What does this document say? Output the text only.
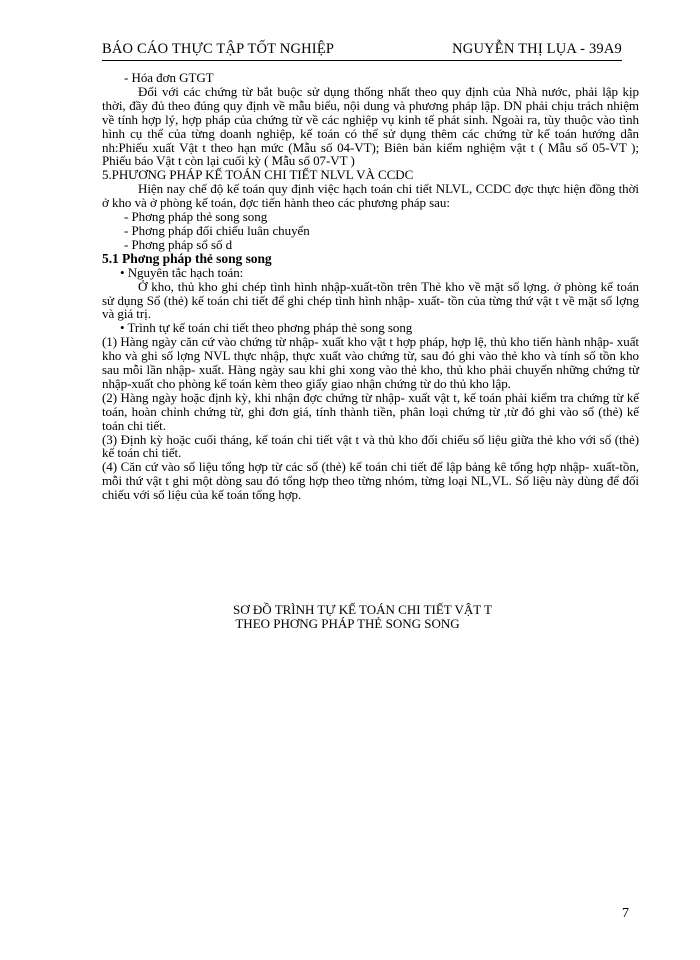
BÁO CÁO THỰC TẬP TỐT NGHIỆP	NGUYỄN THỊ LỤA - 39A9

- Hóa đơn GTGT

Đối với các chứng từ bắt buộc sử dụng thống nhất theo quy định của Nhà nước, phải lập kịp thời, đầy đủ theo đúng quy định về mẫu biểu, nội dung và phương pháp lập. DN phải chịu trách nhiệm về tính hợp lý, hợp pháp của chứng từ về các nghiệp vụ kinh tế phát sinh. Ngoài ra, tùy thuộc vào tình hình cụ thể của từng doanh nghiệp, kế toán có thể sử dụng thêm các chứng từ kế toán hướng dẫn nh:Phiếu xuất Vật t theo hạn mức (Mẫu số 04-VT); Biên bản kiểm nghiệm vật t ( Mẫu số 05-VT ); Phiếu báo Vật t còn lại cuối kỳ ( Mẫu số 07-VT )

5.PHƯƠNG PHÁP KẾ TOÁN CHI TIẾT NLVL VÀ CCDC

Hiện nay chế độ kế toán quy định việc hạch toán chi tiết NLVL, CCDC đợc thực hiện đồng thời ở kho và ở phòng kế toán, đợc tiến hành theo các phương pháp sau:

- Phơng pháp thẻ song song

- Phơng pháp đối chiếu luân chuyển

- Phơng pháp sổ số d

5.1 Phơng pháp thẻ song song

• Nguyên tắc hạch toán:

Ở kho, thủ kho ghi chép tình hình nhập-xuất-tồn trên Thẻ kho về mặt số lợng. ở phòng kế toán sử dụng Sổ (thẻ) kế toán chi tiết để ghi chép tình hình nhập- xuất- tồn của từng thứ vật t về mặt số lợng và giá trị.

• Trình tự kế toán chi tiết theo phơng pháp thẻ song song

(1) Hàng ngày căn cứ vào chứng từ nhập- xuất kho vật t hợp pháp, hợp lệ, thủ kho tiến hành nhập- xuất kho và ghi số lợng NVL thực nhập, thực xuất vào chứng từ, sau đó ghi vào thẻ kho và tính số tồn kho sau mỗi lần nhập- xuất. Hàng ngày sau khi ghi xong vào thẻ kho, thủ kho phải chuyển những chứng từ nhập-xuất cho phòng kế toán kèm theo giấy giao nhận chứng từ do thủ kho lập.

(2) Hàng ngày hoặc định kỳ, khi nhận đợc chứng từ nhập- xuất vật t, kế toán phải kiểm tra chứng từ kế toán, hoàn chỉnh chứng từ, ghi đơn giá, tính thành tiền, phân loại chứng từ ,từ đó ghi vào sổ (thẻ) kế toán chi tiết.

(3) Định kỳ hoặc cuối tháng, kế toán chi tiết vật t và thủ kho đối chiếu số liệu giữa thẻ kho với sổ (thẻ) kế toán chi tiết.

(4) Căn cứ vào số liệu tổng hợp từ các sổ (thẻ) kế toán chi tiết để lập bảng kê tổng hợp nhập- xuất-tồn, mỗi thứ vật t ghi một dòng sau đó tổng hợp theo từng nhóm, từng loại NL,VL. Số liệu này dùng để đối chiếu với số liệu của kế toán tổng hợp.

SƠ ĐỒ TRÌNH TỰ KẾ TOÁN CHI TIẾT VẬT T
THEO PHƠNG PHÁP THẺ SONG SONG
7
